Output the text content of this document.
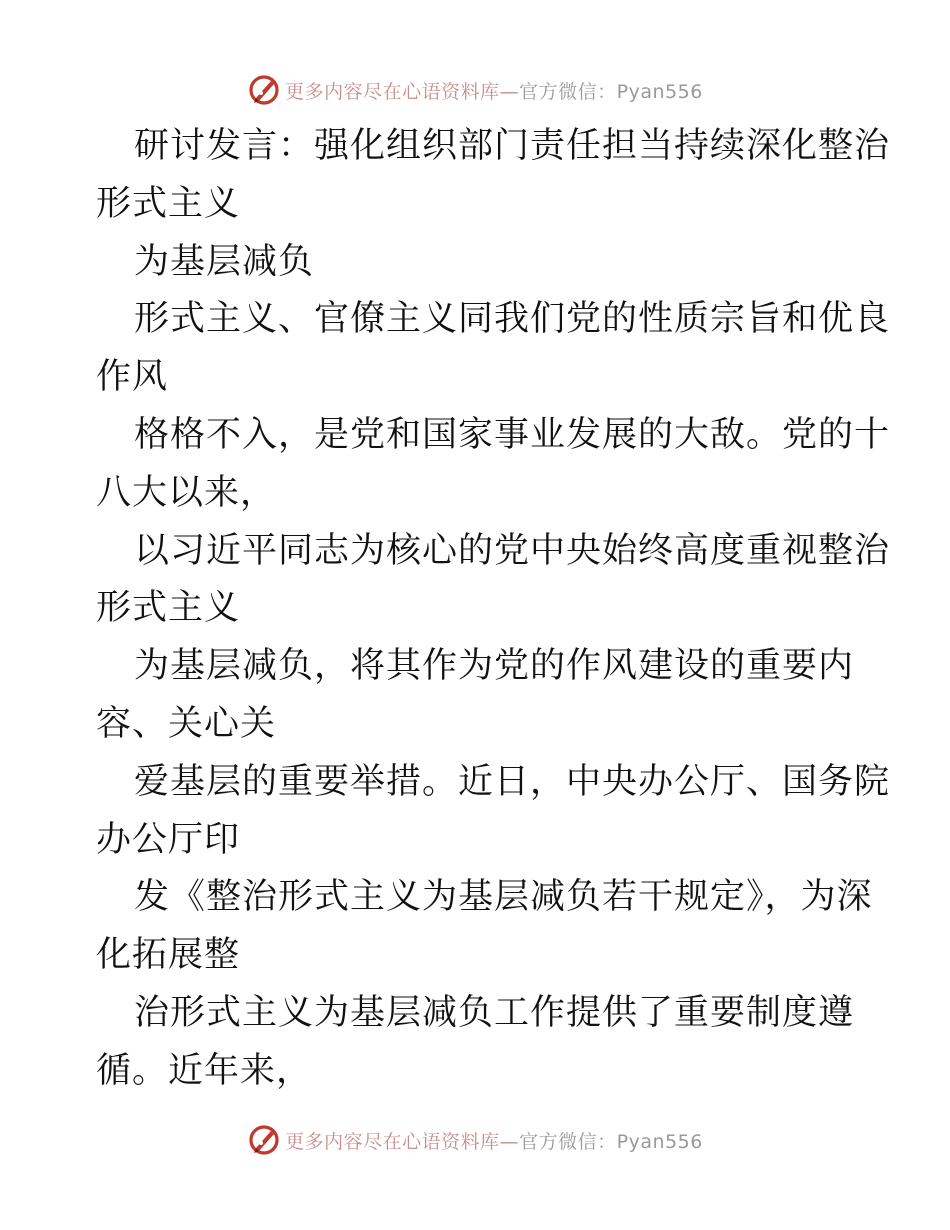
更多内容尽在心语资料库—官方微信：Pyan556
研讨发言：强化组织部门责任担当持续深化整治
形式主义
为基层减负
形式主义、官僚主义同我们党的性质宗旨和优良
作风
格格不入，是党和国家事业发展的大敌。党的十
八大以来，
以习近平同志为核心的党中央始终高度重视整治
形式主义
为基层减负，将其作为党的作风建设的重要内
容、关心关
爱基层的重要举措。近日，中央办公厅、国务院
办公厅印
发《整治形式主义为基层减负若干规定》，为深
化拓展整
治形式主义为基层减负工作提供了重要制度遵
循。近年来，
更多内容尽在心语资料库—官方微信：Pyan556
